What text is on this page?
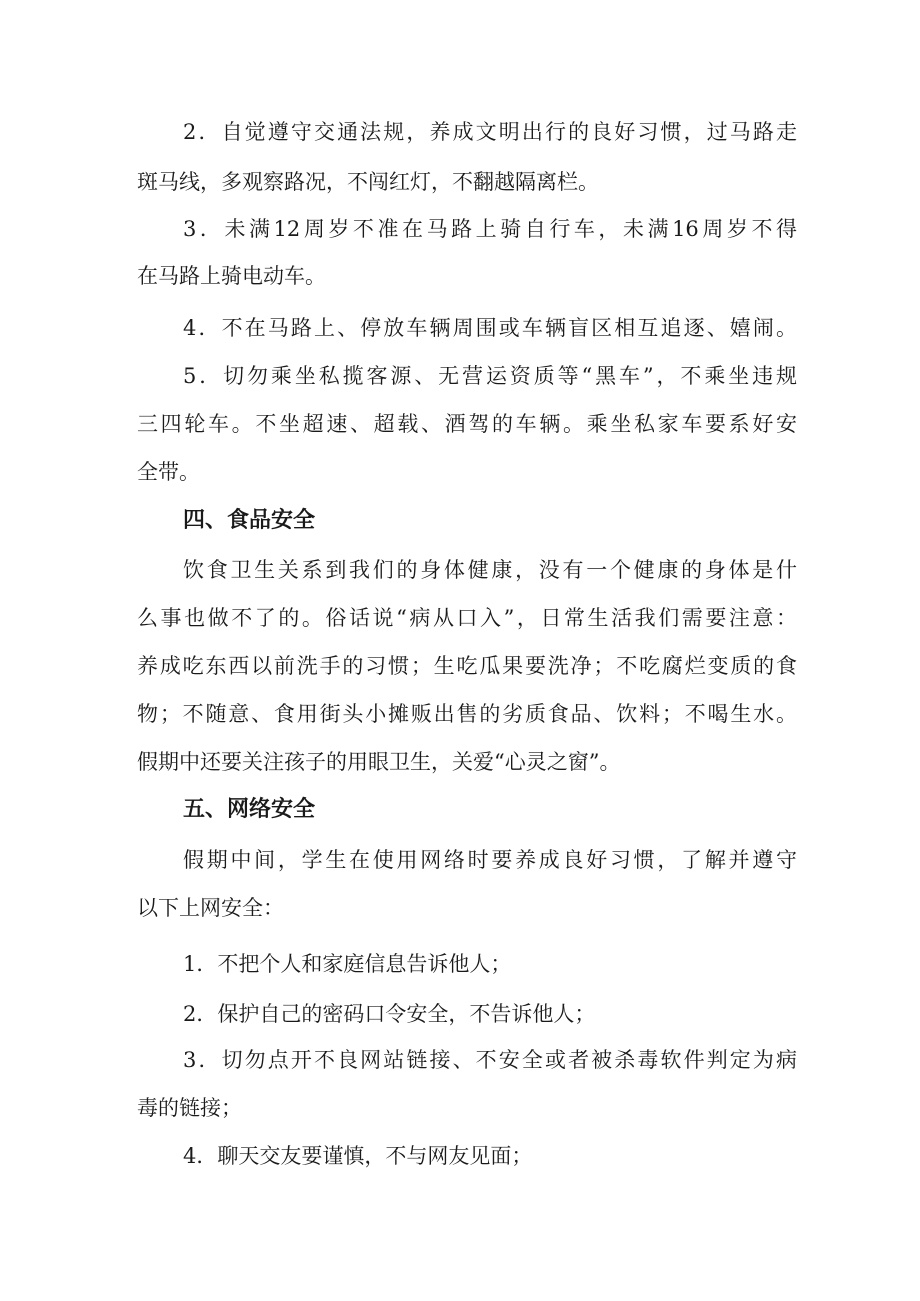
2．自觉遵守交通法规，养成文明出行的良好习惯，过马路走
斑马线，多观察路况，不闯红灯，不翻越隔离栏。
3．未满12周岁不准在马路上骑自行车，未满16周岁不得
在马路上骑电动车。
4．不在马路上、停放车辆周围或车辆盲区相互追逐、嬉闹。
5．切勿乘坐私揽客源、无营运资质等“黑车”，不乘坐违规
三四轮车。不坐超速、超载、酒驾的车辆。乘坐私家车要系好安
全带。
四、食品安全
饮食卫生关系到我们的身体健康，没有一个健康的身体是什
么事也做不了的。俗话说“病从口入”，日常生活我们需要注意：
养成吃东西以前洗手的习惯；生吃瓜果要洗净；不吃腐烂变质的食
物；不随意、食用街头小摊贩出售的劣质食品、饮料；不喝生水。
假期中还要关注孩子的用眼卫生，关爱“心灵之窗”。
五、网络安全
假期中间，学生在使用网络时要养成良好习惯，了解并遵守
以下上网安全：
1．不把个人和家庭信息告诉他人；
2．保护自己的密码口令安全，不告诉他人；
3．切勿点开不良网站链接、不安全或者被杀毒软件判定为病
毒的链接；
4．聊天交友要谨慎，不与网友见面；
